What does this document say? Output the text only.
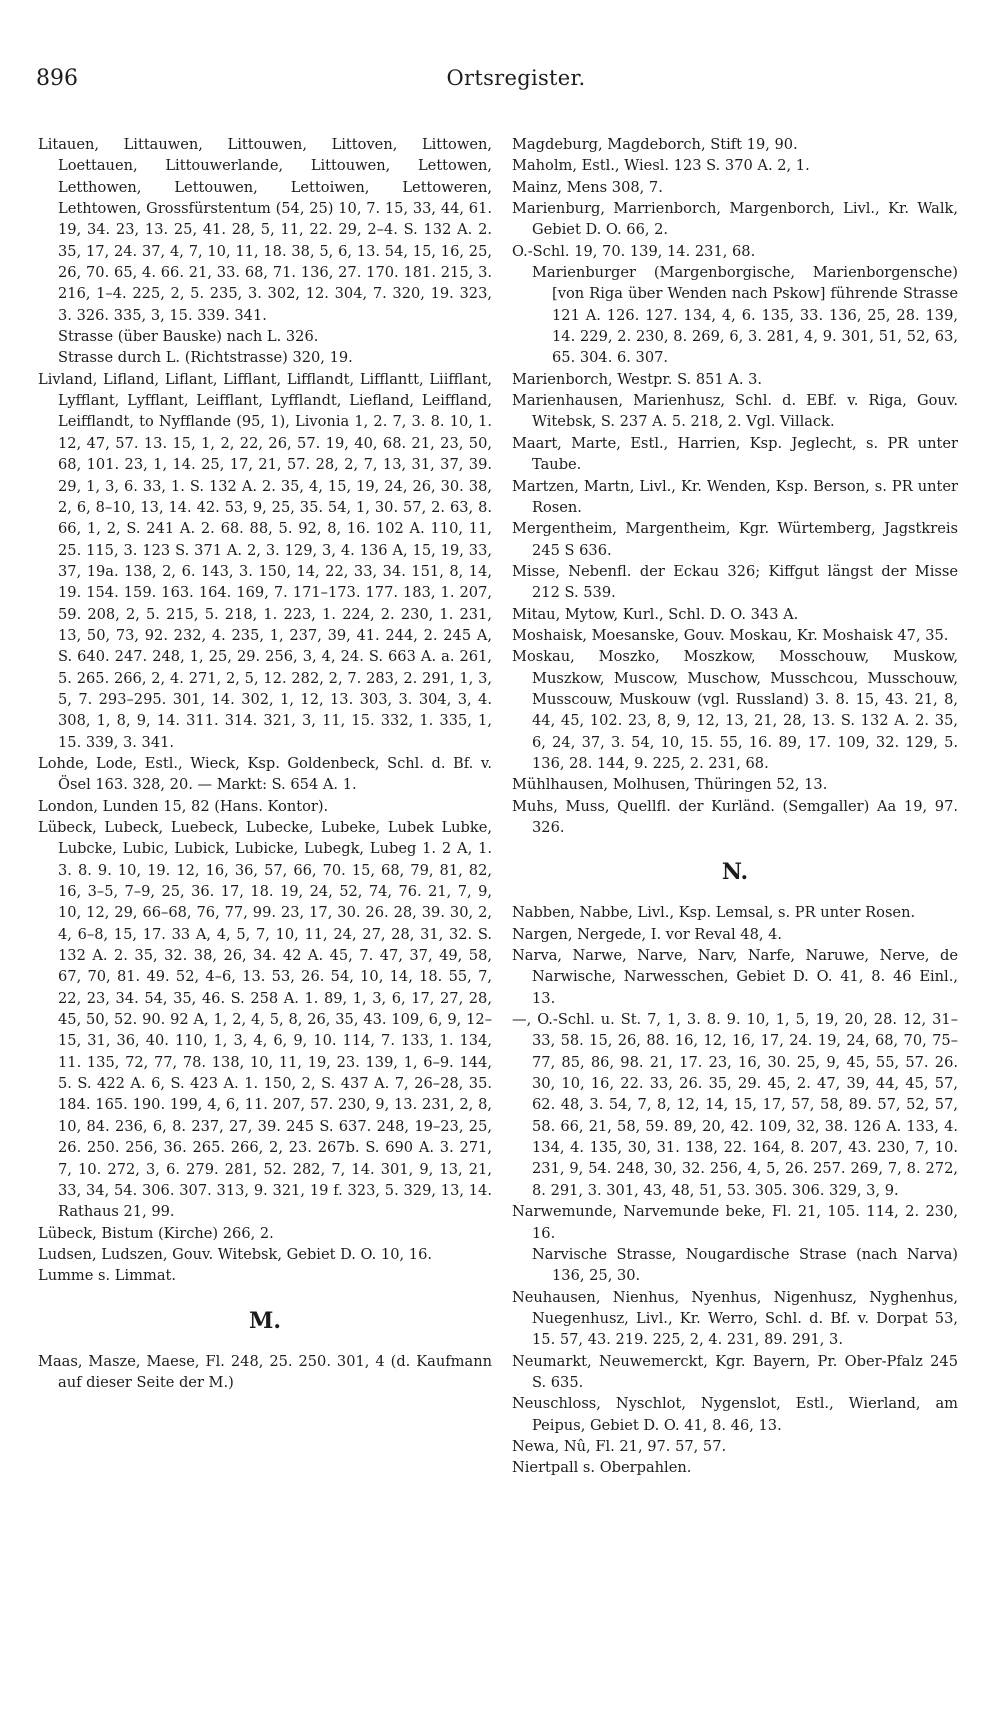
896	Ortsregister.

Litauen, Littauwen, Littouwen, Littoven, Littowen, Loettauen, Littouwerlande, Littouwen, Lettowen, Letthowen, Lettouwen, Lettoiwen, Lettoweren, Lethtowen, Grossfürstentum (54, 25) 10, 7. 15, 33, 44, 61. 19, 34. 23, 13. 25, 41. 28, 5, 11, 22. 29, 2–4. S. 132 A. 2. 35, 17, 24. 37, 4, 7, 10, 11, 18. 38, 5, 6, 13. 54, 15, 16, 25, 26, 70. 65, 4. 66. 21, 33. 68, 71. 136, 27. 170. 181. 215, 3. 216, 1–4. 225, 2, 5. 235, 3. 302, 12. 304, 7. 320, 19. 323, 3. 326. 335, 3, 15. 339. 341.

Strasse (über Bauske) nach L. 326.

Strasse durch L. (Richtstrasse) 320, 19.

Livland, Lifland, Liflant, Lifflant, Lifflandt, Lifflantt, Liifflant, Lyfflant, Lyfflant, Leifflant, Lyfflandt, Liefland, Leiffland, Leifflandt, to Nyfflande (95, 1), Livonia 1, 2. 7, 3. 8. 10, 1. 12, 47, 57. 13. 15, 1, 2, 22, 26, 57. 19, 40, 68. 21, 23, 50, 68, 101. 23, 1, 14. 25, 17, 21, 57. 28, 2, 7, 13, 31, 37, 39. 29, 1, 3, 6. 33, 1. S. 132 A. 2. 35, 4, 15, 19, 24, 26, 30. 38, 2, 6, 8–10, 13, 14. 42. 53, 9, 25, 35. 54, 1, 30. 57, 2. 63, 8. 66, 1, 2, S. 241 A. 2. 68. 88, 5. 92, 8, 16. 102 A. 110, 11, 25. 115, 3. 123 S. 371 A. 2, 3. 129, 3, 4. 136 A, 15, 19, 33, 37, 19a. 138, 2, 6. 143, 3. 150, 14, 22, 33, 34. 151, 8, 14, 19. 154. 159. 163. 164. 169, 7. 171–173. 177. 183, 1. 207, 59. 208, 2, 5. 215, 5. 218, 1. 223, 1. 224, 2. 230, 1. 231, 13, 50, 73, 92. 232, 4. 235, 1, 237, 39, 41. 244, 2. 245 A, S. 640. 247. 248, 1, 25, 29. 256, 3, 4, 24. S. 663 A. a. 261, 5. 265. 266, 2, 4. 271, 2, 5, 12. 282, 2, 7. 283, 2. 291, 1, 3, 5, 7. 293–295. 301, 14. 302, 1, 12, 13. 303, 3. 304, 3, 4. 308, 1, 8, 9, 14. 311. 314. 321, 3, 11, 15. 332, 1. 335, 1, 15. 339, 3. 341.

Lohde, Lode, Estl., Wieck, Ksp. Goldenbeck, Schl. d. Bf. v. Ösel 163. 328, 20. — Markt: S. 654 A. 1.

London, Lunden 15, 82 (Hans. Kontor).

Lübeck, Lubeck, Luebeck, Lubecke, Lubeke, Lubek Lubke, Lubcke, Lubic, Lubick, Lubicke, Lubegk, Lubeg 1. 2 A, 1. 3. 8. 9. 10, 19. 12, 16, 36, 57, 66, 70. 15, 68, 79, 81, 82, 16, 3–5, 7–9, 25, 36. 17, 18. 19, 24, 52, 74, 76. 21, 7, 9, 10, 12, 29, 66–68, 76, 77, 99. 23, 17, 30. 26. 28, 39. 30, 2, 4, 6–8, 15, 17. 33 A, 4, 5, 7, 10, 11, 24, 27, 28, 31, 32. S. 132 A. 2. 35, 32. 38, 26, 34. 42 A. 45, 7. 47, 37, 49, 58, 67, 70, 81. 49. 52, 4–6, 13. 53, 26. 54, 10, 14, 18. 55, 7, 22, 23, 34. 54, 35, 46. S. 258 A. 1. 89, 1, 3, 6, 17, 27, 28, 45, 50, 52. 90. 92 A, 1, 2, 4, 5, 8, 26, 35, 43. 109, 6, 9, 12–15, 31, 36, 40. 110, 1, 3, 4, 6, 9, 10. 114, 7. 133, 1. 134, 11. 135, 72, 77, 78. 138, 10, 11, 19, 23. 139, 1, 6–9. 144, 5. S. 422 A. 6, S. 423 A. 1. 150, 2, S. 437 A. 7, 26–28, 35. 184. 165. 190. 199, 4, 6, 11. 207, 57. 230, 9, 13. 231, 2, 8, 10, 84. 236, 6, 8. 237, 27, 39. 245 S. 637. 248, 19–23, 25, 26. 250. 256, 36. 265. 266, 2, 23. 267b. S. 690 A. 3. 271, 7, 10. 272, 3, 6. 279. 281, 52. 282, 7, 14. 301, 9, 13, 21, 33, 34, 54. 306. 307. 313, 9. 321, 19 f. 323, 5. 329, 13, 14. Rathaus 21, 99.

Lübeck, Bistum (Kirche) 266, 2.

Ludsen, Ludszen, Gouv. Witebsk, Gebiet D. O. 10, 16.

Lumme s. Limmat.

M.

Maas, Masze, Maese, Fl. 248, 25. 250. 301, 4 (d. Kaufmann auf dieser Seite der M.)

Magdeburg, Magdeborch, Stift 19, 90.

Maholm, Estl., Wiesl. 123 S. 370 A. 2, 1.

Mainz, Mens 308, 7.

Marienburg, Marrienborch, Margenborch, Livl., Kr. Walk, Gebiet D. O. 66, 2.

O.-Schl. 19, 70. 139, 14. 231, 68.

Marienburger (Margenborgische, Marienborgensche) [von Riga über Wenden nach Pskow] führende Strasse 121 A. 126. 127. 134, 4, 6. 135, 33. 136, 25, 28. 139, 14. 229, 2. 230, 8. 269, 6, 3. 281, 4, 9. 301, 51, 52, 63, 65. 304. 6. 307.

Marienborch, Westpr. S. 851 A. 3.

Marienhausen, Marienhusz, Schl. d. EBf. v. Riga, Gouv. Witebsk, S. 237 A. 5. 218, 2. Vgl. Villack.

Maart, Marte, Estl., Harrien, Ksp. Jeglecht, s. PR unter Taube.

Martzen, Martn, Livl., Kr. Wenden, Ksp. Berson, s. PR unter Rosen.

Mergentheim, Margentheim, Kgr. Würtemberg, Jagstkreis 245 S 636.

Misse, Nebenfl. der Eckau 326; Kiffgut längst der Misse 212 S. 539.

Mitau, Mytow, Kurl., Schl. D. O. 343 A.

Moshaisk, Moesanske, Gouv. Moskau, Kr. Moshaisk 47, 35.

Moskau, Moszko, Moszkow, Mosschouw, Muskow, Muszkow, Muscow, Muschow, Musschcou, Musschouw, Musscouw, Muskouw (vgl. Russland) 3. 8. 15, 43. 21, 8, 44, 45, 102. 23, 8, 9, 12, 13, 21, 28, 13. S. 132 A. 2. 35, 6, 24, 37, 3. 54, 10, 15. 55, 16. 89, 17. 109, 32. 129, 5. 136, 28. 144, 9. 225, 2. 231, 68.

Mühlhausen, Molhusen, Thüringen 52, 13.

Muhs, Muss, Quellfl. der Kurländ. (Semgaller) Aa 19, 97. 326.

N.

Nabben, Nabbe, Livl., Ksp. Lemsal, s. PR unter Rosen.

Nargen, Nergede, I. vor Reval 48, 4.

Narva, Narwe, Narve, Narv, Narfe, Naruwe, Nerve, de Narwische, Narwesschen, Gebiet D. O. 41, 8. 46 Einl., 13.

—, O.-Schl. u. St. 7, 1, 3. 8. 9. 10, 1, 5, 19, 20, 28. 12, 31–33, 58. 15, 26, 88. 16, 12, 16, 17, 24. 19, 24, 68, 70, 75–77, 85, 86, 98. 21, 17. 23, 16, 30. 25, 9, 45, 55, 57. 26. 30, 10, 16, 22. 33, 26. 35, 29. 45, 2. 47, 39, 44, 45, 57, 62. 48, 3. 54, 7, 8, 12, 14, 15, 17, 57, 58, 89. 57, 52, 57, 58. 66, 21, 58, 59. 89, 20, 42. 109, 32, 38. 126 A. 133, 4. 134, 4. 135, 30, 31. 138, 22. 164, 8. 207, 43. 230, 7, 10. 231, 9, 54. 248, 30, 32. 256, 4, 5, 26. 257. 269, 7, 8. 272, 8. 291, 3. 301, 43, 48, 51, 53. 305. 306. 329, 3, 9.

Narwemunde, Narvemunde beke, Fl. 21, 105. 114, 2. 230, 16.

Narvische Strasse, Nougardische Strase (nach Narva) 136, 25, 30.

Neuhausen, Nienhus, Nyenhus, Nigenhusz, Nyghenhus, Nuegenhusz, Livl., Kr. Werro, Schl. d. Bf. v. Dorpat 53, 15. 57, 43. 219. 225, 2, 4. 231, 89. 291, 3.

Neumarkt, Neuwemerckt, Kgr. Bayern, Pr. Ober-Pfalz 245 S. 635.

Neuschloss, Nyschlot, Nygenslot, Estl., Wierland, am Peipus, Gebiet D. O. 41, 8. 46, 13.

Newa, Nû, Fl. 21, 97. 57, 57.

Niertpall s. Oberpahlen.
